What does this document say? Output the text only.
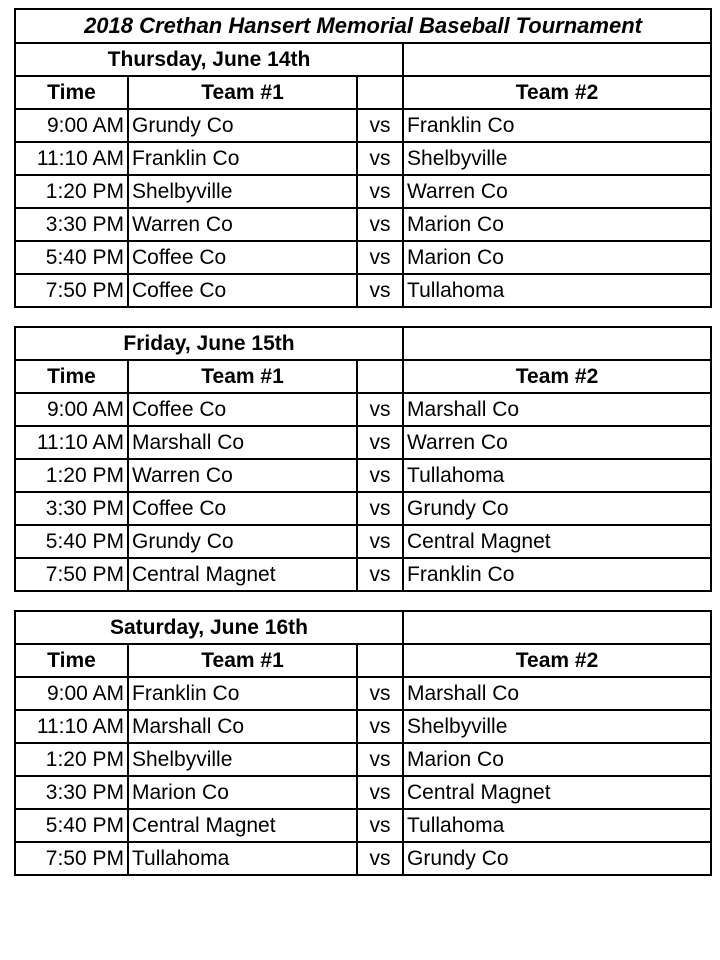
2018 Crethan Hansert Memorial Baseball Tournament
Thursday, June 14th			
Time	Team #1		Team #2
9:00 AM	Grundy Co	vs	Franklin Co
11:10 AM	Franklin Co	vs	Shelbyville
1:20 PM	Shelbyville	vs	Warren Co
3:30 PM	Warren Co	vs	Marion Co
5:40 PM	Coffee Co	vs	Marion Co
7:50 PM	Coffee Co	vs	Tullahoma
Friday, June 15th			
Time	Team #1		Team #2
9:00 AM	Coffee Co	vs	Marshall Co
11:10 AM	Marshall Co	vs	Warren Co
1:20 PM	Warren Co	vs	Tullahoma
3:30 PM	Coffee Co	vs	Grundy Co
5:40 PM	Grundy Co	vs	Central Magnet
7:50 PM	Central Magnet	vs	Franklin Co
Saturday, June 16th			
Time	Team #1		Team #2
9:00 AM	Franklin Co	vs	Marshall Co
11:10 AM	Marshall Co	vs	Shelbyville
1:20 PM	Shelbyville	vs	Marion Co
3:30 PM	Marion Co	vs	Central Magnet
5:40 PM	Central Magnet	vs	Tullahoma
7:50 PM	Tullahoma	vs	Grundy Co
